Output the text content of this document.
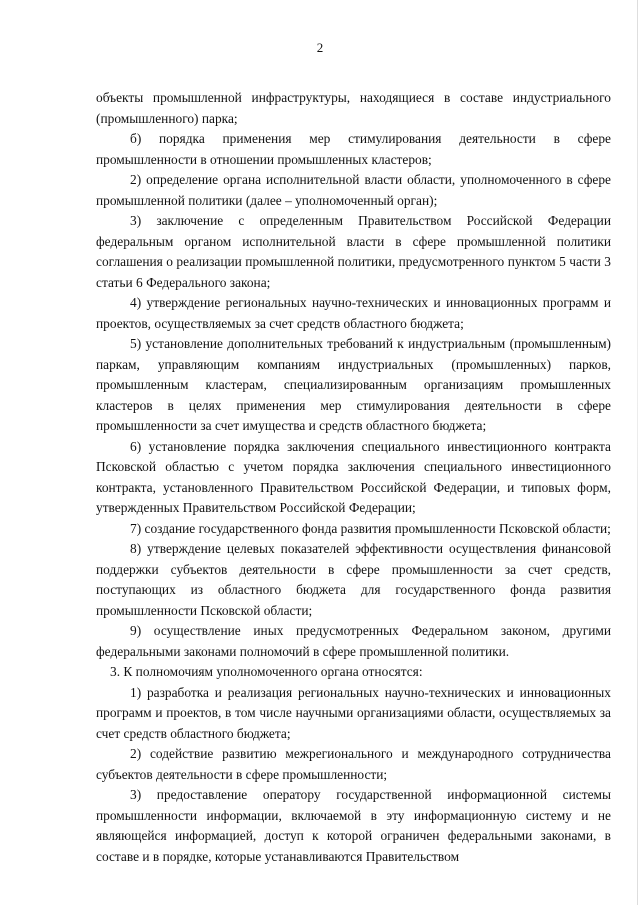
2

объекты промышленной инфраструктуры, находящиеся в составе индустриального (промышленного) парка;

б) порядка применения мер стимулирования деятельности в сфере промышленности в отношении промышленных кластеров;

2) определение органа исполнительной власти области, уполномоченного в сфере промышленной политики (далее – уполномоченный орган);

3) заключение с определенным Правительством Российской Федерации федеральным органом исполнительной власти в сфере промышленной политики соглашения о реализации промышленной политики, предусмотренного пунктом 5 части 3 статьи 6 Федерального закона;

4) утверждение региональных научно-технических и инновационных программ и проектов, осуществляемых за счет средств областного бюджета;

5) установление дополнительных требований к индустриальным (промышленным) паркам, управляющим компаниям индустриальных (промышленных) парков, промышленным кластерам, специализированным организациям промышленных кластеров в целях применения мер стимулирования деятельности в сфере промышленности за счет имущества и средств областного бюджета;

6) установление порядка заключения специального инвестиционного контракта Псковской областью с учетом порядка заключения специального инвестиционного контракта, установленного Правительством Российской Федерации, и типовых форм, утвержденных Правительством Российской Федерации;

7) создание государственного фонда развития промышленности Псковской области;

8) утверждение целевых показателей эффективности осуществления финансовой поддержки субъектов деятельности в сфере промышленности за счет средств, поступающих из областного бюджета для государственного фонда развития промышленности Псковской области;

9) осуществление иных предусмотренных Федеральном законом, другими федеральными законами полномочий в сфере промышленной политики.

3. К полномочиям уполномоченного органа относятся:

1) разработка и реализация региональных научно-технических и инновационных программ и проектов, в том числе научными организациями области, осуществляемых за счет средств областного бюджета;

2) содействие развитию межрегионального и международного сотрудничества субъектов деятельности в сфере промышленности;

3) предоставление оператору государственной информационной системы промышленности информации, включаемой в эту информационную систему и не являющейся информацией, доступ к которой ограничен федеральными законами, в составе и в порядке, которые устанавливаются Правительством
